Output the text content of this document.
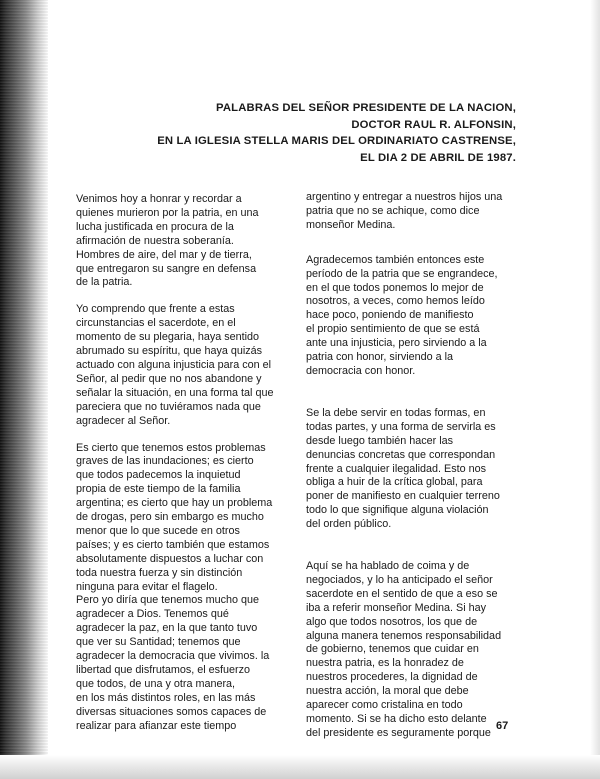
PALABRAS DEL SEÑOR PRESIDENTE DE LA NACION,
DOCTOR RAUL R. ALFONSIN,
EN LA IGLESIA STELLA MARIS DEL ORDINARIATO CASTRENSE,
EL DIA 2 DE ABRIL DE 1987.

Venimos hoy a honrar y recordar a
quienes murieron por la patria, en una
lucha justificada en procura de la
afirmación de nuestra soberanía.
Hombres de aire, del mar y de tierra,
que entregaron su sangre en defensa
de la patria.

Yo comprendo que frente a estas
circunstancias el sacerdote, en el
momento de su plegaria, haya sentido
abrumado su espíritu, que haya quizás
actuado con alguna injusticia para con el
Señor, al pedir que no nos abandone y
señalar la situación, en una forma tal que
pareciera que no tuviéramos nada que
agradecer al Señor.

Es cierto que tenemos estos problemas
graves de las inundaciones; es cierto
que todos padecemos la inquietud
propia de este tiempo de la familia
argentina; es cierto que hay un problema
de drogas, pero sin embargo es mucho
menor que lo que sucede en otros
países; y es cierto también que estamos
absolutamente dispuestos a luchar con
toda nuestra fuerza y sin distinción
ninguna para evitar el flagelo.
Pero yo diría que tenemos mucho que
agradecer a Dios. Tenemos qué
agradecer la paz, en la que tanto tuvo
que ver su Santidad; tenemos que
agradecer la democracia que vivimos. la
libertad que disfrutamos, el esfuerzo
que todos, de una y otra manera,
en los más distintos roles, en las más
diversas situaciones somos capaces de
realizar para afianzar este tiempo

argentino y entregar a nuestros hijos una
patria que no se achique, como dice
monseñor Medina.

Agradecemos también entonces este
período de la patria que se engrandece,
en el que todos ponemos lo mejor de
nosotros, a veces, como hemos leído
hace poco, poniendo de manifiesto
el propio sentimiento de que se está
ante una injusticia, pero sirviendo a la
patria con honor, sirviendo a la
democracia con honor.

Se la debe servir en todas formas, en
todas partes, y una forma de servirla es
desde luego también hacer las
denuncias concretas que correspondan
frente a cualquier ilegalidad. Esto nos
obliga a huir de la crítica global, para
poner de manifiesto en cualquier terreno
todo lo que signifique alguna violación
del orden público.

Aquí se ha hablado de coima y de
negociados, y lo ha anticipado el señor
sacerdote en el sentido de que a eso se
iba a referir monseñor Medina. Si hay
algo que todos nosotros, los que de
alguna manera tenemos responsabilidad
de gobierno, tenemos que cuidar en
nuestra patria, es la honradez de
nuestros procederes, la dignidad de
nuestra acción, la moral que debe
aparecer como cristalina en todo
momento. Si se ha dicho esto delante
del presidente es seguramente porque

67
